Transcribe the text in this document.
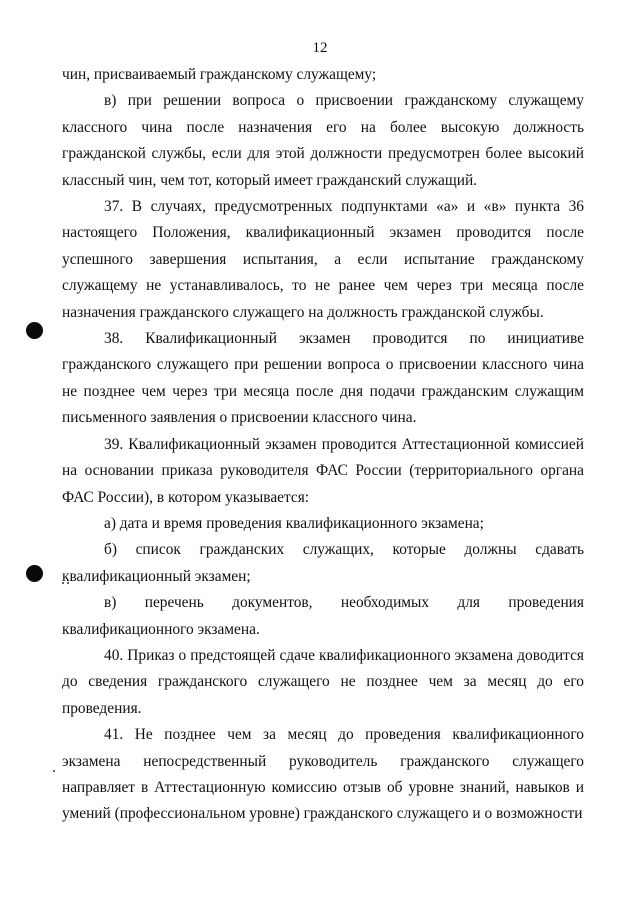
12

чин, присваиваемый гражданскому служащему;

в) при решении вопроса о присвоении гражданскому служащему классного чина после назначения его на более высокую должность гражданской службы, если для этой должности предусмотрен более высокий классный чин, чем тот, который имеет гражданский служащий.

37. В случаях, предусмотренных подпунктами «а» и «в» пункта 36 настоящего Положения, квалификационный экзамен проводится после успешного завершения испытания, а если испытание гражданскому служащему не устанавливалось, то не ранее чем через три месяца после назначения гражданского служащего на должность гражданской службы.

38. Квалификационный экзамен проводится по инициативе гражданского служащего при решении вопроса о присвоении классного чина не позднее чем через три месяца после дня подачи гражданским служащим письменного заявления о присвоении классного чина.

39. Квалификационный экзамен проводится Аттестационной комиссией на основании приказа руководителя ФАС России (территориального органа ФАС России), в котором указывается:

а) дата и время проведения квалификационного экзамена;

б) список гражданских служащих, которые должны сдавать квалификационный экзамен;

в) перечень документов, необходимых для проведения квалификационного экзамена.

40. Приказ о предстоящей сдаче квалификационного экзамена доводится до сведения гражданского служащего не позднее чем за месяц до его проведения.

41. Не позднее чем за месяц до проведения квалификационного экзамена непосредственный руководитель гражданского служащего направляет в Аттестационную комиссию отзыв об уровне знаний, навыков и умений (профессиональном уровне) гражданского служащего и о возможности
